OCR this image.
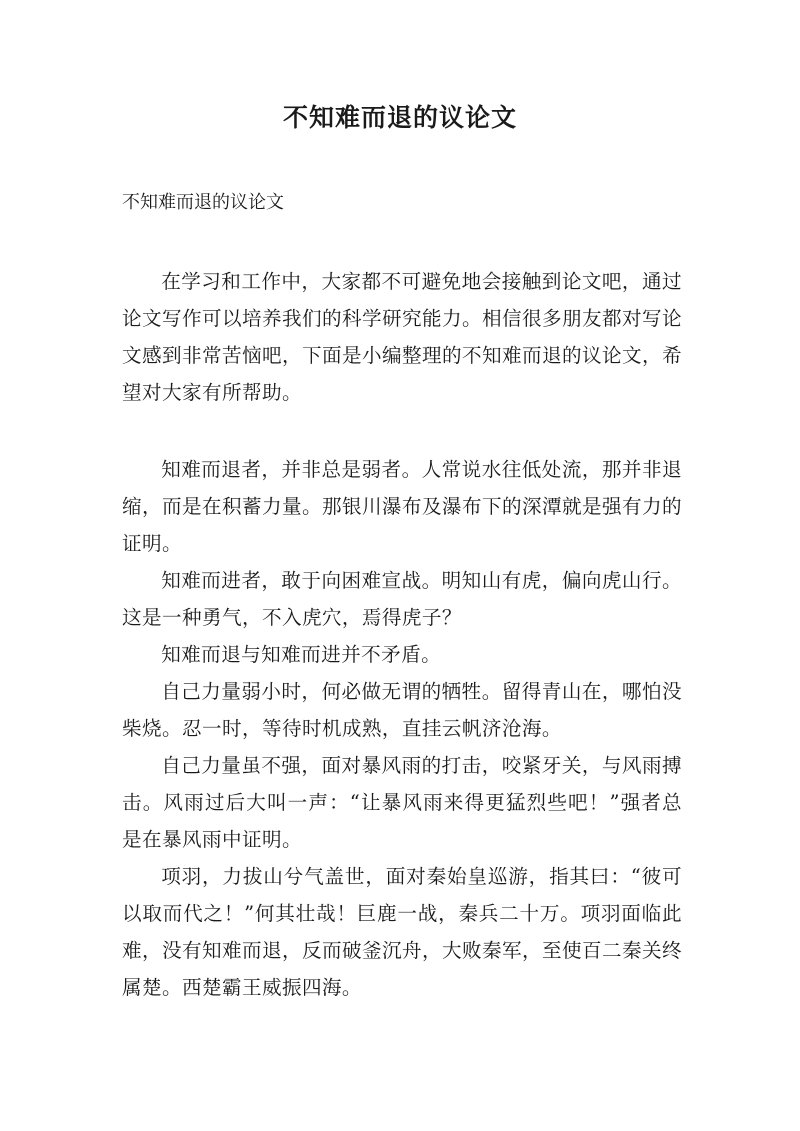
不知难而退的议论文

不知难而退的议论文

在学习和工作中，大家都不可避免地会接触到论文吧，通过论文写作可以培养我们的科学研究能力。相信很多朋友都对写论文感到非常苦恼吧，下面是小编整理的不知难而退的议论文，希望对大家有所帮助。

知难而退者，并非总是弱者。人常说水往低处流，那并非退缩，而是在积蓄力量。那银川瀑布及瀑布下的深潭就是强有力的证明。

知难而进者，敢于向困难宣战。明知山有虎，偏向虎山行。这是一种勇气，不入虎穴，焉得虎子？

知难而退与知难而进并不矛盾。

自己力量弱小时，何必做无谓的牺牲。留得青山在，哪怕没柴烧。忍一时，等待时机成熟，直挂云帆济沧海。

自己力量虽不强，面对暴风雨的打击，咬紧牙关，与风雨搏击。风雨过后大叫一声：“让暴风雨来得更猛烈些吧！”强者总是在暴风雨中证明。

项羽，力拔山兮气盖世，面对秦始皇巡游，指其曰：“彼可以取而代之！”何其壮哉！巨鹿一战，秦兵二十万。项羽面临此难，没有知难而退，反而破釜沉舟，大败秦军，至使百二秦关终属楚。西楚霸王威振四海。
